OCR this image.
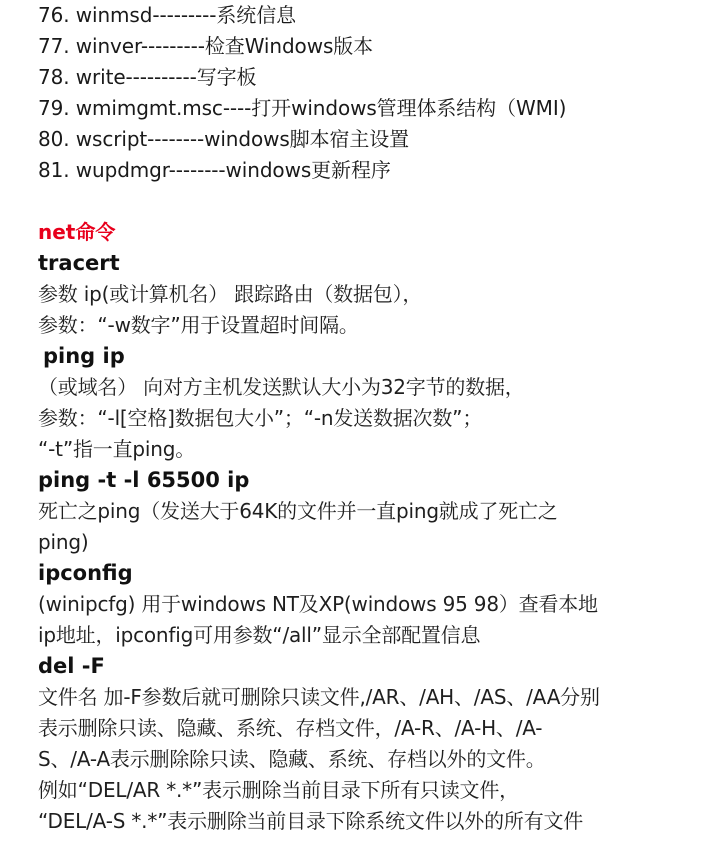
76. winmsd---------系统信息
77. winver---------检查Windows版本
78. write----------写字板
79. wmimgmt.msc----打开windows管理体系结构（WMI)
80. wscript--------windows脚本宿主设置
81. wupdmgr--------windows更新程序
net命令
tracert
参数 ip(或计算机名） 跟踪路由（数据包），
参数：“-w数字”用于设置超时间隔。
ping ip
（或域名） 向对方主机发送默认大小为32字节的数据，
参数：“-l[空格]数据包大小”；“-n发送数据次数”；
“-t”指一直ping。
ping -t -l 65500 ip
死亡之ping（发送大于64K的文件并一直ping就成了死亡之
ping)
ipconfig
(winipcfg) 用于windows NT及XP(windows 95 98）查看本地
ip地址，ipconfig可用参数“/all”显示全部配置信息
del -F
文件名 加-F参数后就可删除只读文件,/AR、/AH、/AS、/AA分别
表示删除只读、隐藏、系统、存档文件，/A-R、/A-H、/A-
S、/A-A表示删除除只读、隐藏、系统、存档以外的文件。
例如“DEL/AR *.*”表示删除当前目录下所有只读文件，
“DEL/A-S *.*”表示删除当前目录下除系统文件以外的所有文件
